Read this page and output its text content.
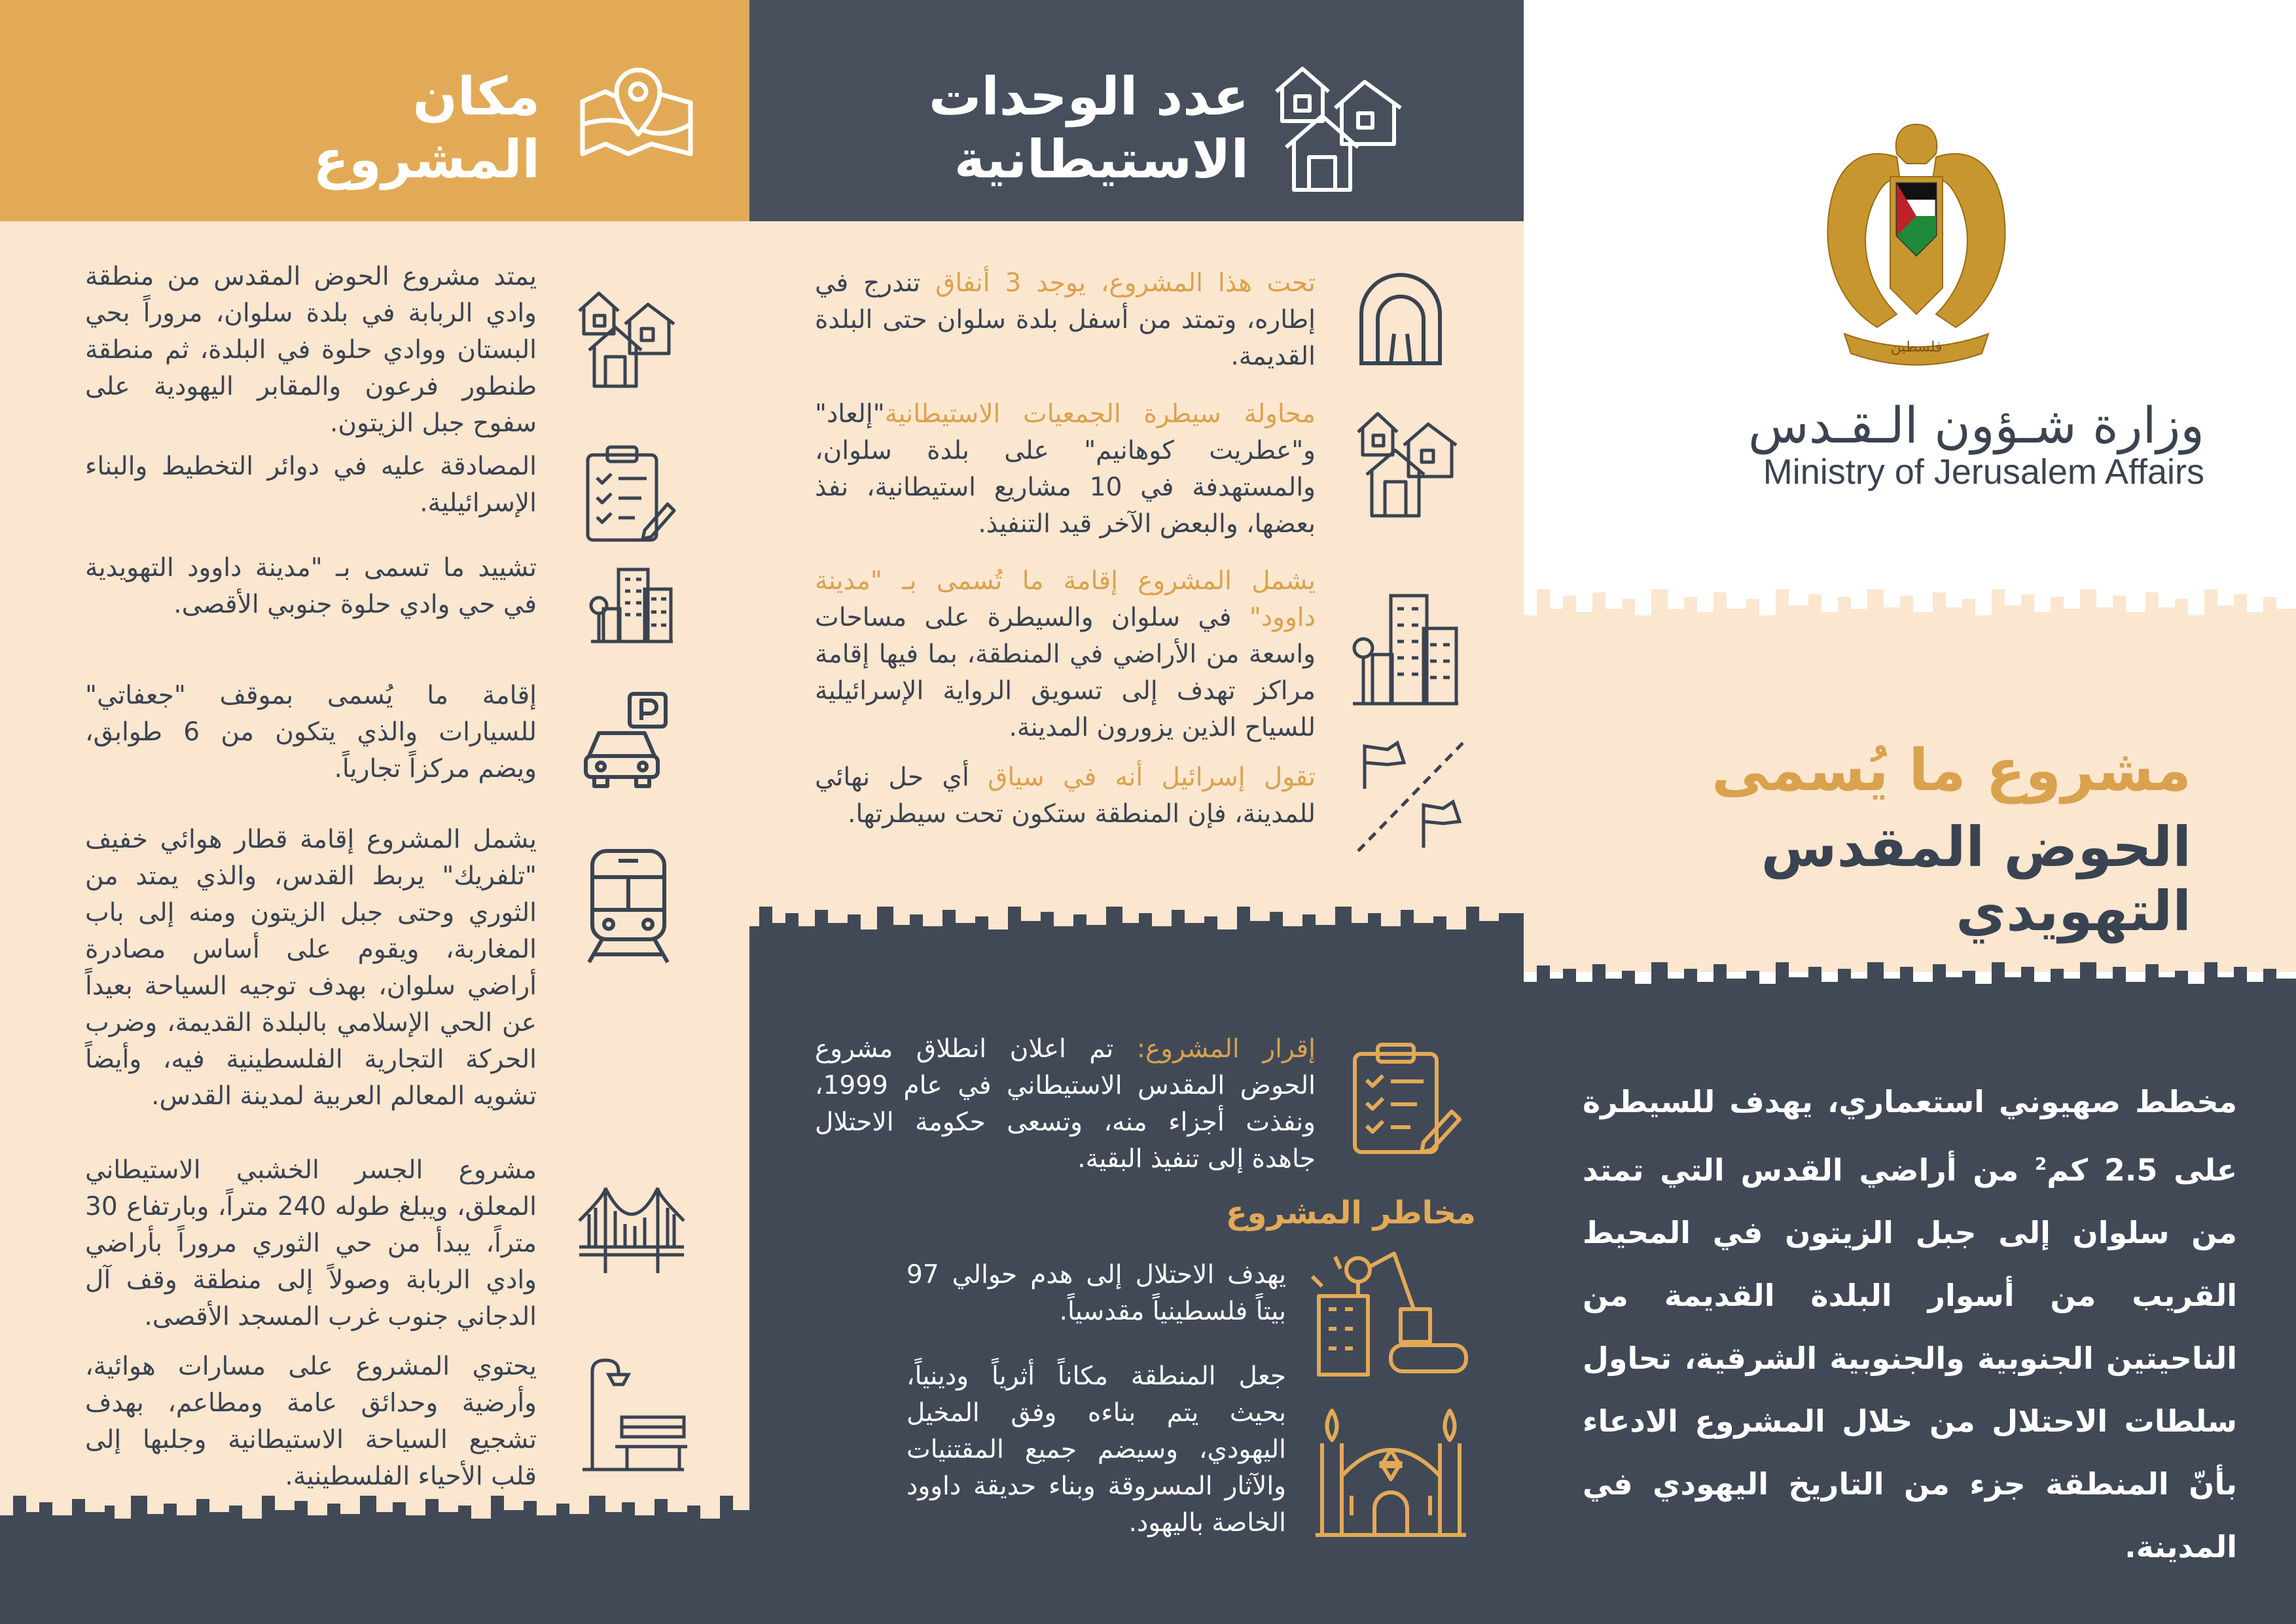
مكان المشروع

يمتد مشروع الحوض المقدس من منطقة وادي الربابة في بلدة سلوان، مروراً بحي البستان ووادي حلوة في البلدة، ثم منطقة طنطور فرعون والمقابر اليهودية على سفوح جبل الزيتون.

المصادقة عليه في دوائر التخطيط والبناء الإسرائيلية.

تشييد ما تسمى بـ "مدينة داوود التهويدية في حي وادي حلوة جنوبي الأقصى.

إقامة ما يُسمى بموقف "جعفاتي" للسيارات والذي يتكون من 6 طوابق، ويضم مركزاً تجارياً.

يشمل المشروع إقامة قطار هوائي خفيف "تلفريك" يربط القدس، والذي يمتد من الثوري وحتى جبل الزيتون ومنه إلى باب المغاربة، ويقوم على أساس مصادرة أراضي سلوان، بهدف توجيه السياحة بعيداً عن الحي الإسلامي بالبلدة القديمة، وضرب الحركة التجارية الفلسطينية فيه، وأيضاً تشويه المعالم العربية لمدينة القدس.

مشروع الجسر الخشبي الاستيطاني المعلق، ويبلغ طوله 240 متراً، وبارتفاع 30 متراً، يبدأ من حي الثوري مروراً بأراضي وادي الربابة وصولاً إلى منطقة وقف آل الدجاني جنوب غرب المسجد الأقصى.

يحتوي المشروع على مسارات هوائية، وأرضية وحدائق عامة ومطاعم، بهدف تشجيع السياحة الاستيطانية وجلبها إلى قلب الأحياء الفلسطينية.

عدد الوحدات الاستيطانية

تحت هذا المشروع، يوجد 3 أنفاق تندرج في إطاره، وتمتد من أسفل بلدة سلوان حتى البلدة القديمة.

محاولة سيطرة الجمعيات الاستيطانية"إلعاد" و"عطريت كوهانيم" على بلدة سلوان، والمستهدفة في 10 مشاريع استيطانية، نفذ بعضها، والبعض الآخر قيد التنفيذ.

يشمل المشروع إقامة ما تُسمى بـ "مدينة داوود" في سلوان والسيطرة على مساحات واسعة من الأراضي في المنطقة، بما فيها إقامة مراكز تهدف إلى تسويق الرواية الإسرائيلية للسياح الذين يزورون المدينة.

تقول إسرائيل أنه في سياق أي حل نهائي للمدينة، فإن المنطقة ستكون تحت سيطرتها.

إقرار المشروع: تم اعلان انطلاق مشروع الحوض المقدس الاستيطاني في عام 1999، ونفذت أجزاء منه، وتسعى حكومة الاحتلال جاهدة إلى تنفيذ البقية.

مخاطر المشروع

يهدف الاحتلال إلى هدم حوالي 97 بيتاً فلسطينياً مقدسياً.

جعل المنطقة مكاناً أثرياً ودينياً، بحيث يتم بناءه وفق المخيل اليهودي، وسيضم جميع المقتنيات والآثار المسروقة وبناء حديقة داوود الخاصة باليهود.

فلسطين
وزارة شـؤون الـقـدس
Ministry of Jerusalem Affairs
مشروع ما يُسمى
الحوض المقدس التهويدي

مخطط صهيوني استعماري، يهدف للسيطرة على 2.5 كم$^2$ من أراضي القدس التي تمتد من سلوان إلى جبل الزيتون في المحيط القريب من أسوار البلدة القديمة من الناحيتين الجنوبية والجنوبية الشرقية، تحاول سلطات الاحتلال من خلال المشروع الادعاء بأنّ المنطقة جزء من التاريخ اليهودي في المدينة.
